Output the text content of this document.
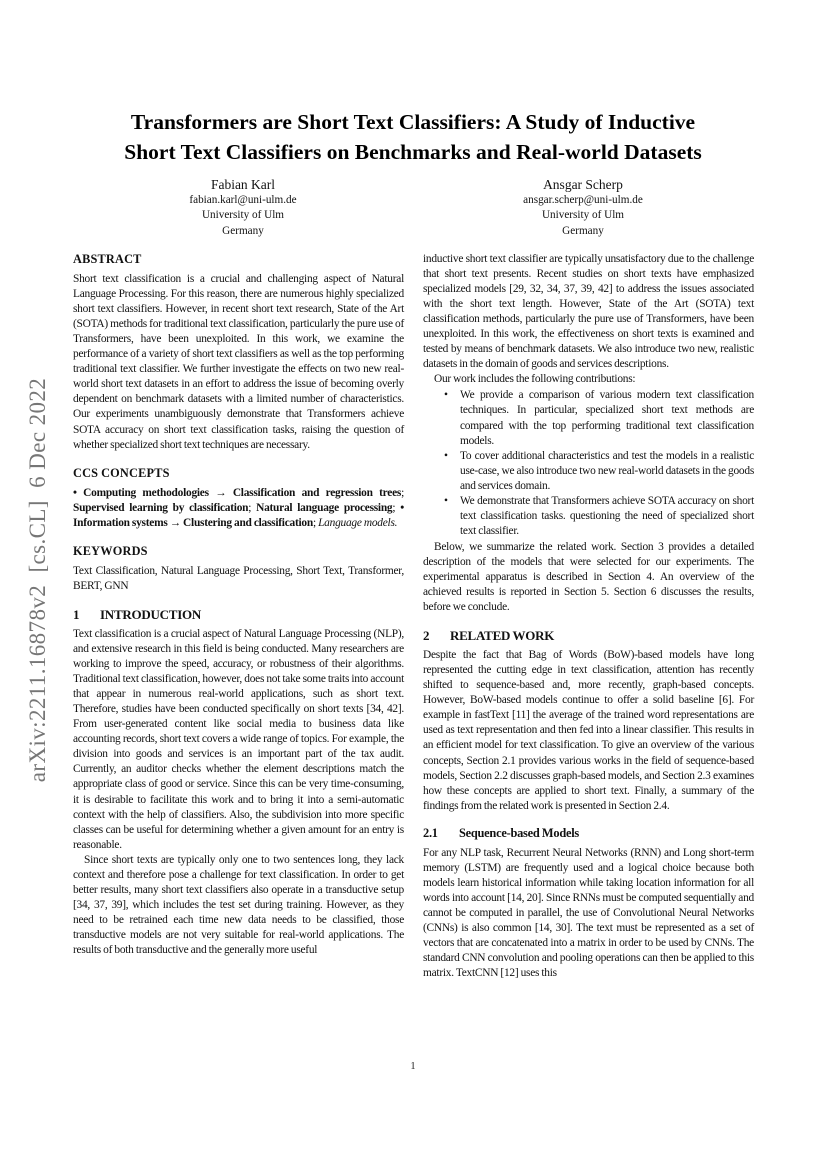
arXiv:2211.16878v2  [cs.CL]  6 Dec 2022
Transformers are Short Text Classifiers: A Study of Inductive
Short Text Classifiers on Benchmarks and Real-world Datasets
Fabian Karl
fabian.karl@uni-ulm.de
University of Ulm
Germany
Ansgar Scherp
ansgar.scherp@uni-ulm.de
University of Ulm
Germany
ABSTRACT

Short text classification is a crucial and challenging aspect of Natural Language Processing. For this reason, there are numerous highly specialized short text classifiers. However, in recent short text research, State of the Art (SOTA) methods for traditional text classification, particularly the pure use of Transformers, have been unexploited. In this work, we examine the performance of a variety of short text classifiers as well as the top performing traditional text classifier. We further investigate the effects on two new real-world short text datasets in an effort to address the issue of becoming overly dependent on benchmark datasets with a limited number of characteristics. Our experiments unambiguously demonstrate that Transformers achieve SOTA accuracy on short text classification tasks, raising the question of whether specialized short text techniques are necessary.

CCS CONCEPTS

• Computing methodologies → Classification and regression trees; Supervised learning by classification; Natural language processing; • Information systems → Clustering and classification; Language models.

KEYWORDS

Text Classification, Natural Language Processing, Short Text, Transformer, BERT, GNN

1	INTRODUCTION

Text classification is a crucial aspect of Natural Language Processing (NLP), and extensive research in this field is being conducted. Many researchers are working to improve the speed, accuracy, or robustness of their algorithms. Traditional text classification, however, does not take some traits into account that appear in numerous real-world applications, such as short text. Therefore, studies have been conducted specifically on short texts [34, 42]. From user-generated content like social media to business data like accounting records, short text covers a wide range of topics. For example, the division into goods and services is an important part of the tax audit. Currently, an auditor checks whether the element descriptions match the appropriate class of good or service. Since this can be very time-consuming, it is desirable to facilitate this work and to bring it into a semi-automatic context with the help of classifiers. Also, the subdivision into more specific classes can be useful for determining whether a given amount for an entry is reasonable.

Since short texts are typically only one to two sentences long, they lack context and therefore pose a challenge for text classification. In order to get better results, many short text classifiers also operate in a transductive setup [34, 37, 39], which includes the test set during training. However, as they need to be retrained each time new data needs to be classified, those transductive models are not very suitable for real-world applications. The results of both transductive and the generally more useful

inductive short text classifier are typically unsatisfactory due to the challenge that short text presents. Recent studies on short texts have emphasized specialized models [29, 32, 34, 37, 39, 42] to address the issues associated with the short text length. However, State of the Art (SOTA) text classification methods, particularly the pure use of Transformers, have been unexploited. In this work, the effectiveness on short texts is examined and tested by means of benchmark datasets. We also introduce two new, realistic datasets in the domain of goods and services descriptions.

Our work includes the following contributions:

•	We provide a comparison of various modern text classification techniques. In particular, specialized short text methods are compared with the top performing traditional text classification models.
•	To cover additional characteristics and test the models in a realistic use-case, we also introduce two new real-world datasets in the goods and services domain.
•	We demonstrate that Transformers achieve SOTA accuracy on short text classification tasks. questioning the need of specialized short text classifier.

Below, we summarize the related work. Section 3 provides a detailed description of the models that were selected for our experiments. The experimental apparatus is described in Section 4. An overview of the achieved results is reported in Section 5. Section 6 discusses the results, before we conclude.

2	RELATED WORK

Despite the fact that Bag of Words (BoW)-based models have long represented the cutting edge in text classification, attention has recently shifted to sequence-based and, more recently, graph-based concepts. However, BoW-based models continue to offer a solid baseline [6]. For example in fastText [11] the average of the trained word representations are used as text representation and then fed into a linear classifier. This results in an efficient model for text classification. To give an overview of the various concepts, Section 2.1 provides various works in the field of sequence-based models, Section 2.2 discusses graph-based models, and Section 2.3 examines how these concepts are applied to short text. Finally, a summary of the findings from the related work is presented in Section 2.4.

2.1	Sequence-based Models

For any NLP task, Recurrent Neural Networks (RNN) and Long short-term memory (LSTM) are frequently used and a logical choice because both models learn historical information while taking location information for all words into account [14, 20]. Since RNNs must be computed sequentially and cannot be computed in parallel, the use of Convolutional Neural Networks (CNNs) is also common [14, 30]. The text must be represented as a set of vectors that are concatenated into a matrix in order to be used by CNNs. The standard CNN convolution and pooling operations can then be applied to this matrix. TextCNN [12] uses this

1
